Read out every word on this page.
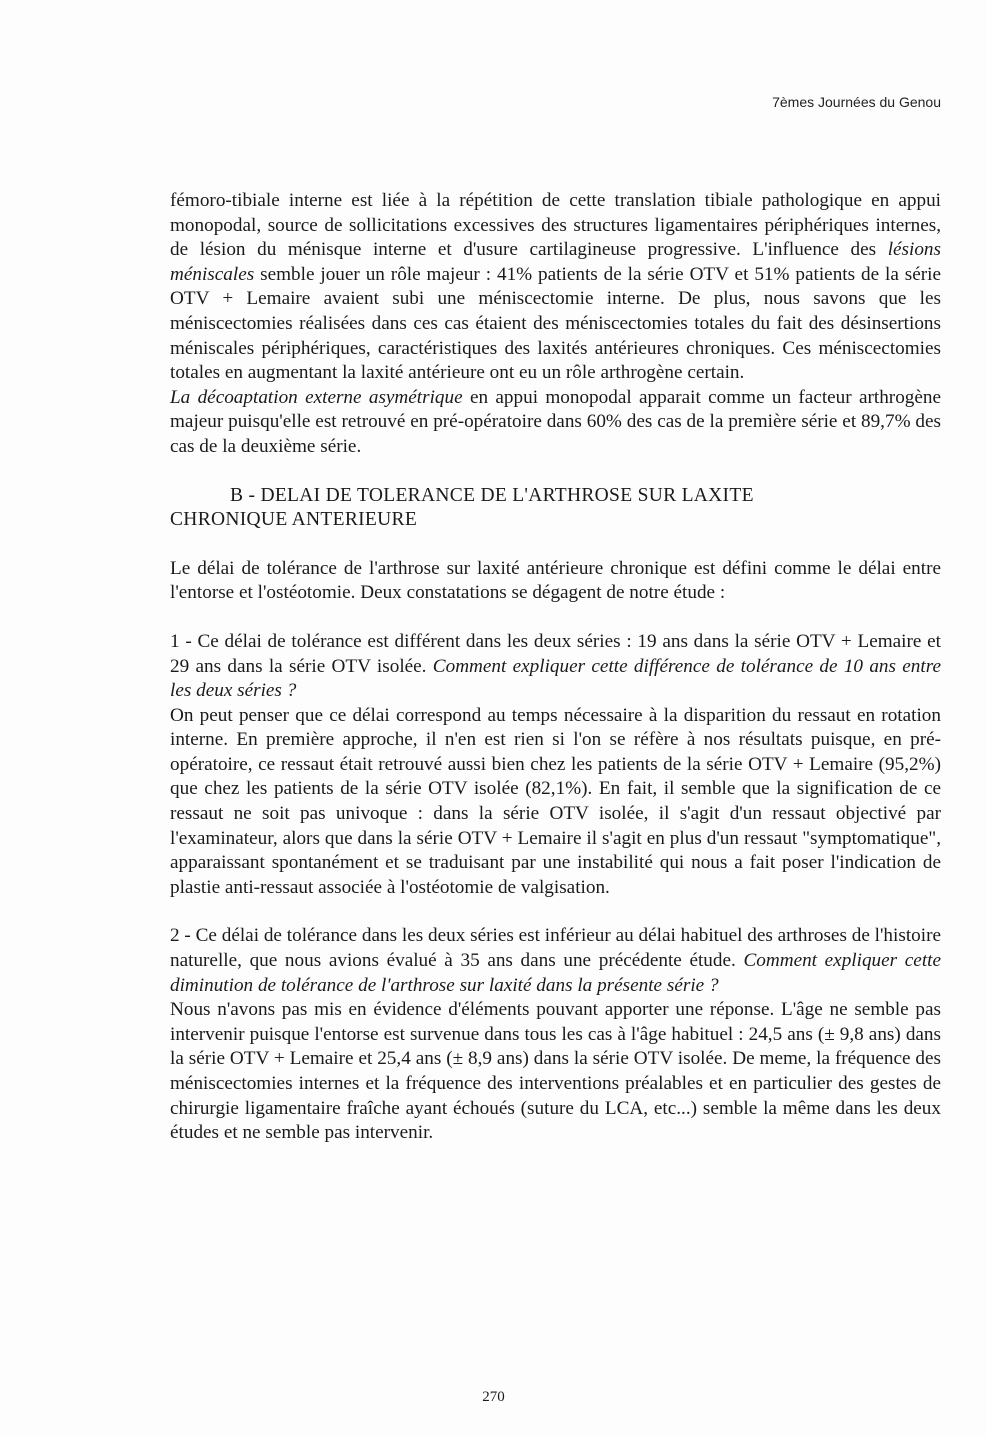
7èmes Journées du Genou

fémoro-tibiale interne est liée à la répétition de cette translation tibiale pathologique en appui monopodal, source de sollicitations excessives des structures ligamentaires périphériques internes, de lésion du ménisque interne et d'usure cartilagineuse progressive. L'influence des lésions méniscales semble jouer un rôle majeur : 41% patients de la série OTV et 51% patients de la série OTV + Lemaire avaient subi une méniscectomie interne. De plus, nous savons que les méniscectomies réalisées dans ces cas étaient des méniscectomies totales du fait des désinsertions méniscales périphériques, caractéristiques des laxités antérieures chroniques. Ces méniscectomies totales en augmentant la laxité antérieure ont eu un rôle arthrogène certain.

La décoaptation externe asymétrique en appui monopodal apparait comme un facteur arthrogène majeur puisqu'elle est retrouvé en pré-opératoire dans 60% des cas de la première série et 89,7% des cas de la deuxième série.

B - DELAI DE TOLERANCE DE L'ARTHROSE SUR LAXITE
CHRONIQUE ANTERIEURE

Le délai de tolérance de l'arthrose sur laxité antérieure chronique est défini comme le délai entre l'entorse et l'ostéotomie. Deux constatations se dégagent de notre étude :

1 - Ce délai de tolérance est différent dans les deux séries : 19 ans dans la série OTV + Lemaire et 29 ans dans la série OTV isolée. Comment expliquer cette différence de tolérance de 10 ans entre les deux séries ?

On peut penser que ce délai correspond au temps nécessaire à la disparition du ressaut en rotation interne. En première approche, il n'en est rien si l'on se réfère à nos résultats puisque, en pré-opératoire, ce ressaut était retrouvé aussi bien chez les patients de la série OTV + Lemaire (95,2%) que chez les patients de la série OTV isolée (82,1%). En fait, il semble que la signification de ce ressaut ne soit pas univoque : dans la série OTV isolée, il s'agit d'un ressaut objectivé par l'examinateur, alors que dans la série OTV + Lemaire il s'agit en plus d'un ressaut "symptomatique", apparaissant spontanément et se traduisant par une instabilité qui nous a fait poser l'indication de plastie anti-ressaut associée à l'ostéotomie de valgisation.

2 - Ce délai de tolérance dans les deux séries est inférieur au délai habituel des arthroses de l'histoire naturelle, que nous avions évalué à 35 ans dans une précédente étude. Comment expliquer cette diminution de tolérance de l'arthrose sur laxité dans la présente série ?

Nous n'avons pas mis en évidence d'éléments pouvant apporter une réponse. L'âge ne semble pas intervenir puisque l'entorse est survenue dans tous les cas à l'âge habituel : 24,5 ans (± 9,8 ans) dans la série OTV + Lemaire et 25,4 ans (± 8,9 ans) dans la série OTV isolée. De meme, la fréquence des méniscectomies internes et la fréquence des interventions préalables et en particulier des gestes de chirurgie ligamentaire fraîche ayant échoués (suture du LCA, etc...) semble la même dans les deux études et ne semble pas intervenir.

270
